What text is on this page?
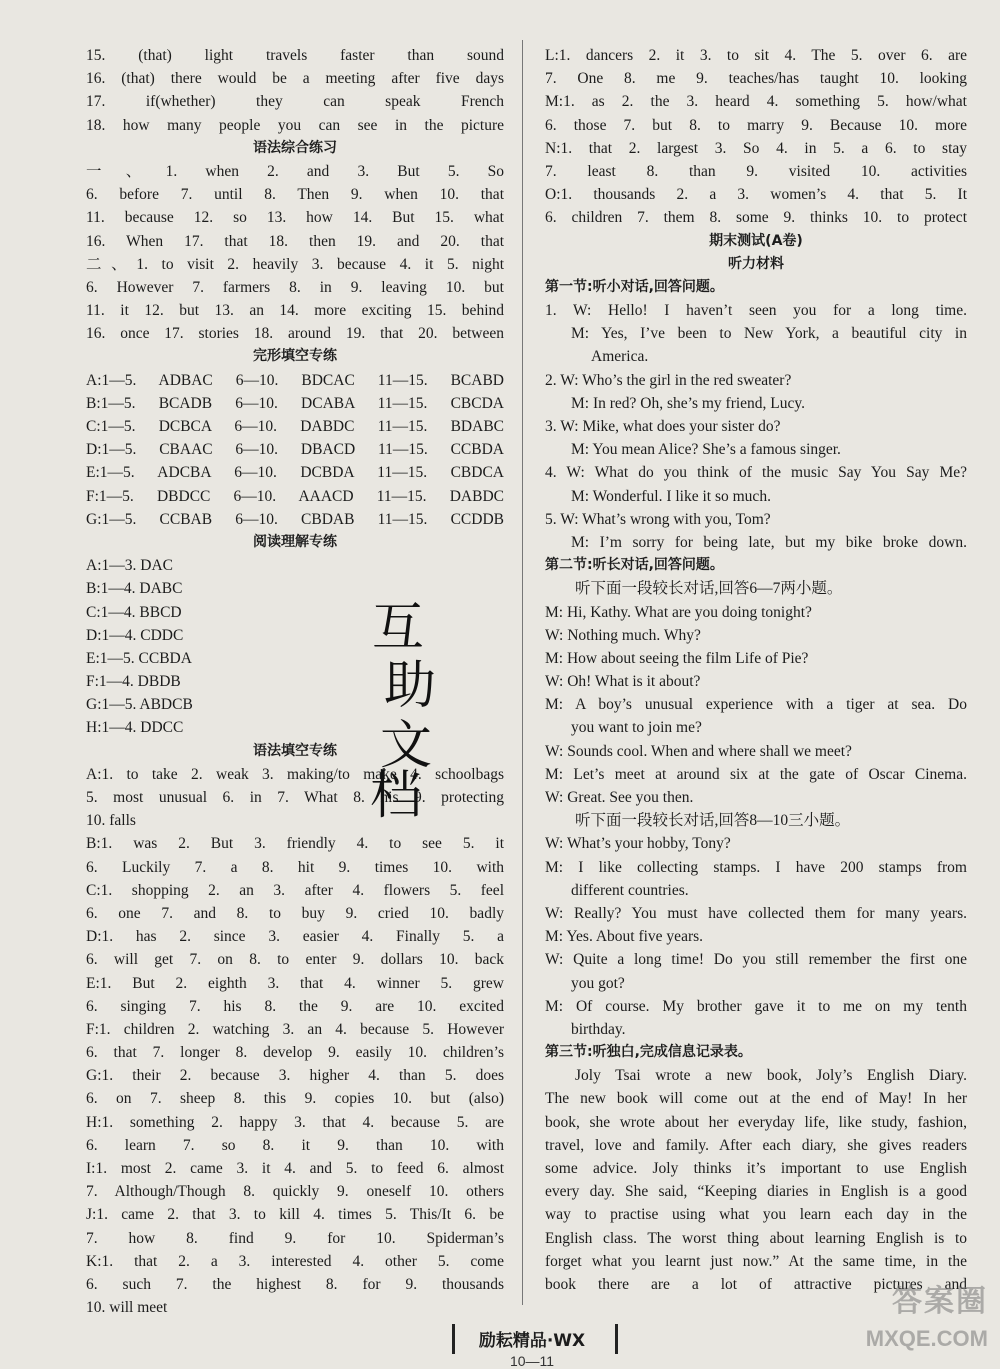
15. (that) light travels faster than sound
16. (that) there would be a meeting after five days
17. if(whether) they can speak French
18. how many people you can see in the picture
语法综合练习
一、1. when 2. and 3. But 5. So
6. before 7. until 8. Then 9. when 10. that
11. because 12. so 13. how 14. But 15. what
16. When 17. that 18. then 19. and 20. that
二、1. to visit 2. heavily 3. because 4. it 5. night
6. However 7. farmers 8. in 9. leaving 10. but
11. it 12. but 13. an 14. more exciting 15. behind
16. once 17. stories 18. around 19. that 20. between
完形填空专练
A:1—5. ADBAC 6—10. BDCAC 11—15. BCABD
B:1—5. BCADB 6—10. DCABA 11—15. CBCDA
C:1—5. DCBCA 6—10. DABDC 11—15. BDABC
D:1—5. CBAAC 6—10. DBACD 11—15. CCBDA
E:1—5. ADCBA 6—10. DCBDA 11—15. CBDCA
F:1—5. DBDCC 6—10. AAACD 11—15. DABDC
G:1—5. CCBAB 6—10. CBDAB 11—15. CCDDB
阅读理解专练
A:1—3. DAC
B:1—4. DABC
C:1—4. BBCD
D:1—4. CDDC
E:1—5. CCBDA
F:1—4. DBDB
G:1—5. ABDCB
H:1—4. DDCC
语法填空专练
A:1. to take 2. weak 3. making/to make 4. schoolbags
5. most unusual 6. in 7. What 8. his 9. protecting
10. falls
B:1. was 2. But 3. friendly 4. to see 5. it
6. Luckily 7. a 8. hit 9. times 10. with
C:1. shopping 2. an 3. after 4. flowers 5. feel
6. one 7. and 8. to buy 9. cried 10. badly
D:1. has 2. since 3. easier 4. Finally 5. a
6. will get 7. on 8. to enter 9. dollars 10. back
E:1. But 2. eighth 3. that 4. winner 5. grew
6. singing 7. his 8. the 9. are 10. excited
F:1. children 2. watching 3. an 4. because 5. However
6. that 7. longer 8. develop 9. easily 10. children’s
G:1. their 2. because 3. higher 4. than 5. does
6. on 7. sheep 8. this 9. copies 10. but (also)
H:1. something 2. happy 3. that 4. because 5. are
6. learn 7. so 8. it 9. than 10. with
I:1. most 2. came 3. it 4. and 5. to feed 6. almost
7. Although/Though 8. quickly 9. oneself 10. others
J:1. came 2. that 3. to kill 4. times 5. This/It 6. be
7. how 8. find 9. for 10. Spiderman’s
K:1. that 2. a 3. interested 4. other 5. come
6. such 7. the highest 8. for 9. thousands
10. will meet
L:1. dancers 2. it 3. to sit 4. The 5. over 6. are
7. One 8. me 9. teaches/has taught 10. looking
M:1. as 2. the 3. heard 4. something 5. how/what
6. those 7. but 8. to marry 9. Because 10. more
N:1. that 2. largest 3. So 4. in 5. a 6. to stay
7. least 8. than 9. visited 10. activities
O:1. thousands 2. a 3. women’s 4. that 5. It
6. children 7. them 8. some 9. thinks 10. to protect
期末测试(A卷)
听力材料
第一节:听小对话,回答问题。
1. W: Hello! I haven’t seen you for a long time.
M: Yes, I’ve been to New York, a beautiful city in
America.
2. W: Who’s the girl in the red sweater?
M: In red? Oh, she’s my friend, Lucy.
3. W: Mike, what does your sister do?
M: You mean Alice? She’s a famous singer.
4. W: What do you think of the music Say You Say Me?
M: Wonderful. I like it so much.
5. W: What’s wrong with you, Tom?
M: I’m sorry for being late, but my bike broke down.
第二节:听长对话,回答问题。
听下面一段较长对话,回答6—7两小题。
M: Hi, Kathy. What are you doing tonight?
W: Nothing much. Why?
M: How about seeing the film Life of Pie?
W: Oh! What is it about?
M: A boy’s unusual experience with a tiger at sea. Do
you want to join me?
W: Sounds cool. When and where shall we meet?
M: Let’s meet at around six at the gate of Oscar Cinema.
W: Great. See you then.
听下面一段较长对话,回答8—10三小题。
W: What’s your hobby, Tony?
M: I like collecting stamps. I have 200 stamps from
different countries.
W: Really? You must have collected them for many years.
M: Yes. About five years.
W: Quite a long time! Do you still remember the first one
you got?
M: Of course. My brother gave it to me on my tenth
birthday.
第三节:听独白,完成信息记录表。
Joly Tsai wrote a new book, Joly’s English Diary.
The new book will come out at the end of May! In her
book, she wrote about her everyday life, like study, fashion,
travel, love and family. After each diary, she gives readers
some advice. Joly thinks it’s important to use English
every day. She said, “Keeping diaries in English is a good
way to practise using what you learn each day in the
English class. The worst thing about learning English is to
forget what you learnt just now.” At the same time, in the
book there are a lot of attractive pictures and
互
助
文
档
励耘精品·WX
10—11
答案圈
MXQE.COM
